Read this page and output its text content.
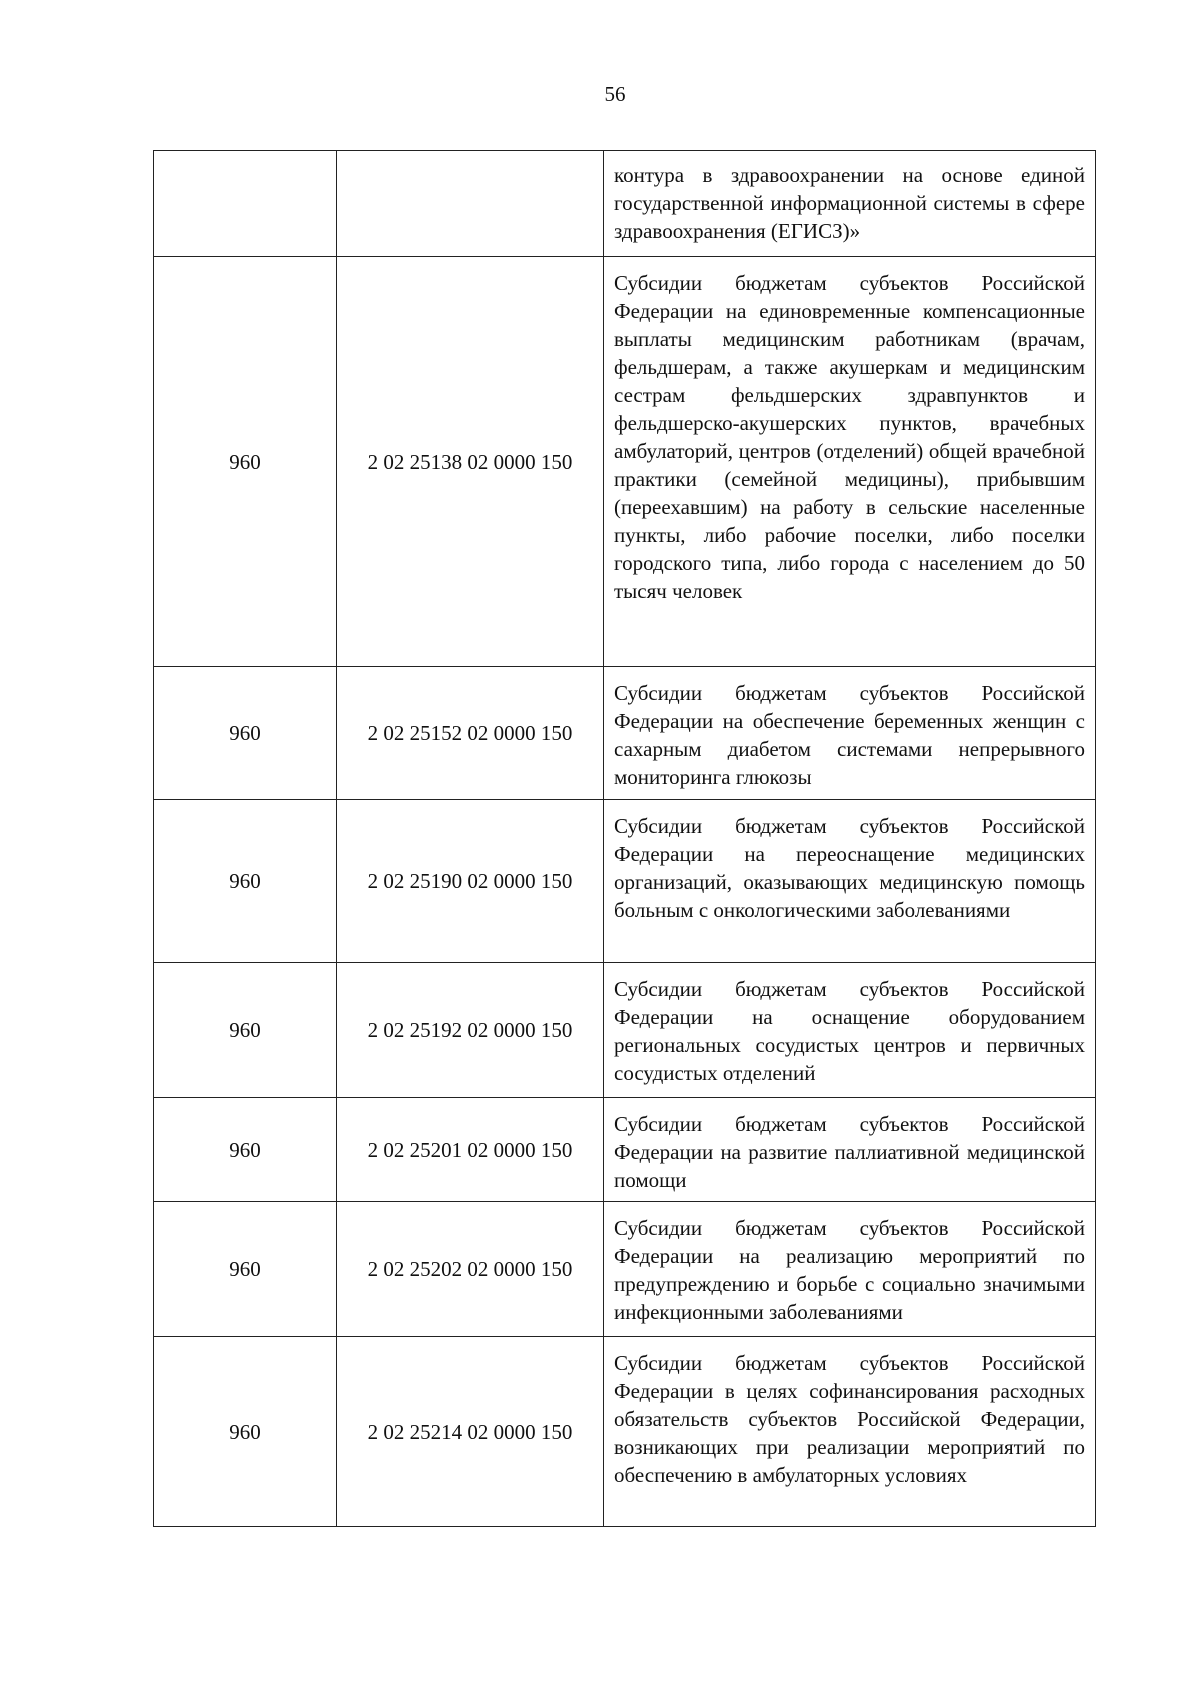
56
		контура в здравоохранении на основе единой государственной информационной системы в сфере здравоохранения (ЕГИСЗ)»
960	2 02 25138 02 0000 150	Субсидии бюджетам субъектов Российской Федерации на единовременные компенсационные выплаты медицинским работникам (врачам, фельдшерам, а также акушеркам и медицинским сестрам фельдшерских здравпунктов и фельдшерско-акушерских пунктов, врачебных амбулаторий, центров (отделений) общей врачебной практики (семейной медицины), прибывшим (переехавшим) на работу в сельские населенные пункты, либо рабочие поселки, либо поселки городского типа, либо города с населением до 50 тысяч человек
960	2 02 25152 02 0000 150	Субсидии бюджетам субъектов Российской Федерации на обеспечение беременных женщин с сахарным диабетом системами непрерывного мониторинга глюкозы
960	2 02 25190 02 0000 150	Субсидии бюджетам субъектов Российской Федерации на переоснащение медицинских организаций, оказывающих медицинскую помощь больным с онкологическими заболеваниями
960	2 02 25192 02 0000 150	Субсидии бюджетам субъектов Российской Федерации на оснащение оборудованием региональных сосудистых центров и первичных сосудистых отделений
960	2 02 25201 02 0000 150	Субсидии бюджетам субъектов Российской Федерации на развитие паллиативной медицинской помощи
960	2 02 25202 02 0000 150	Субсидии бюджетам субъектов Российской Федерации на реализацию мероприятий по предупреждению и борьбе с социально значимыми инфекционными заболеваниями
960	2 02 25214 02 0000 150	Субсидии бюджетам субъектов Российской Федерации в целях софинансирования расходных обязательств субъектов Российской Федерации, возникающих при реализации мероприятий по обеспечению в амбулаторных условиях
